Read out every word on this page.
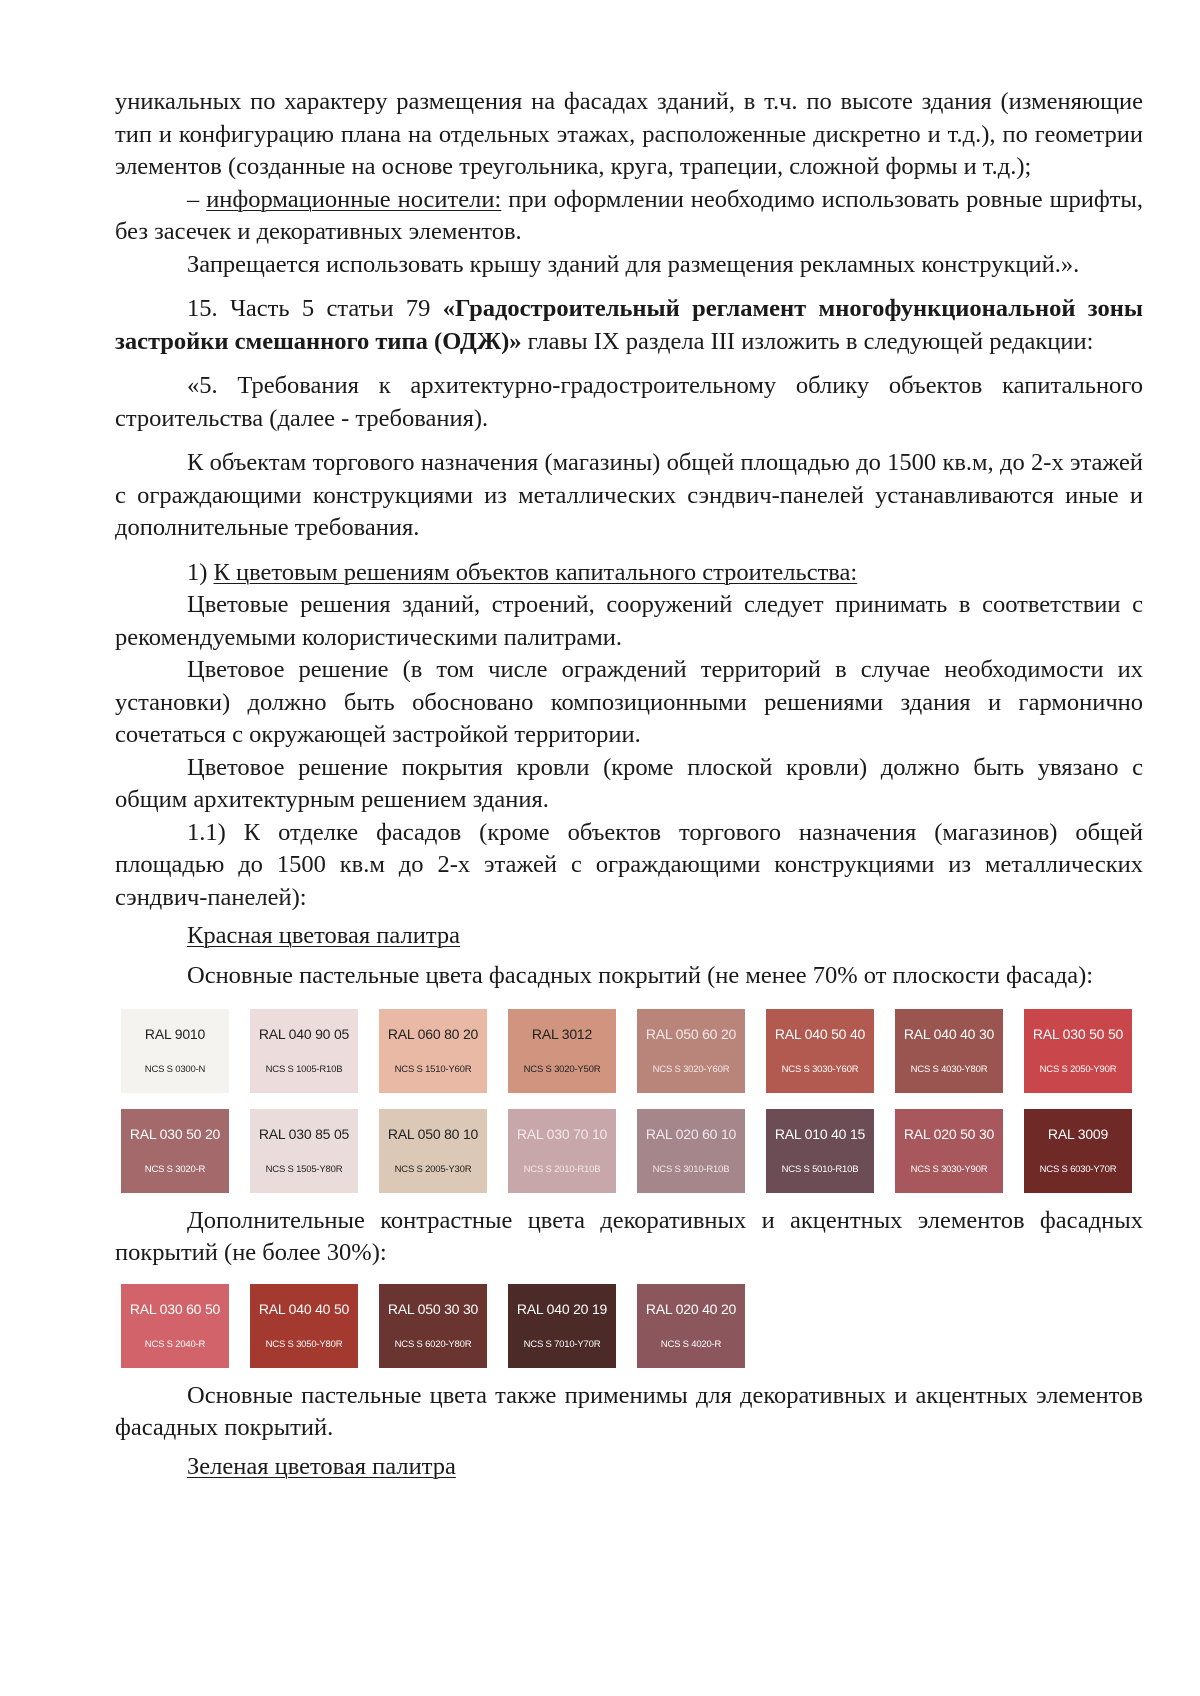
уникальных по характеру размещения на фасадах зданий, в т.ч. по высоте здания (изменяющие тип и конфигурацию плана на отдельных этажах, расположенные дискретно и т.д.), по геометрии элементов (созданные на основе треугольника, круга, трапеции, сложной формы и т.д.);

– информационные носители: при оформлении необходимо использовать ровные шрифты, без засечек и декоративных элементов.

Запрещается использовать крышу зданий для размещения рекламных конструкций.».

15. Часть 5 статьи 79 «Градостроительный регламент многофункциональной зоны застройки смешанного типа (ОДЖ)» главы IX раздела III изложить в следующей редакции:

«5. Требования к архитектурно-градостроительному облику объектов капитального строительства (далее - требования).

К объектам торгового назначения (магазины) общей площадью до 1500 кв.м, до 2-х этажей с ограждающими конструкциями из металлических сэндвич-панелей устанавливаются иные и дополнительные требования.

1) К цветовым решениям объектов капитального строительства:

Цветовые решения зданий, строений, сооружений следует принимать в соответствии с рекомендуемыми колористическими палитрами.

Цветовое решение (в том числе ограждений территорий в случае необходимости их установки) должно быть обосновано композиционными решениями здания и гармонично сочетаться с окружающей застройкой территории.

Цветовое решение покрытия кровли (кроме плоской кровли) должно быть увязано с общим архитектурным решением здания.

1.1) К отделке фасадов (кроме объектов торгового назначения (магазинов) общей площадью до 1500 кв.м до 2-х этажей с ограждающими конструкциями из металлических сэндвич-панелей):

Красная цветовая палитра

Основные пастельные цвета фасадных покрытий (не менее 70% от плоскости фасада):

RAL 9010
NCS S 0300-N
RAL 040 90 05
NCS S 1005-R10B
RAL 060 80 20
NCS S 1510-Y60R
RAL 3012
NCS S 3020-Y50R
RAL 050 60 20
NCS S 3020-Y60R
RAL 040 50 40
NCS S 3030-Y60R
RAL 040 40 30
NCS S 4030-Y80R
RAL 030 50 50
NCS S 2050-Y90R
RAL 030 50 20
NCS S 3020-R
RAL 030 85 05
NCS S 1505-Y80R
RAL 050 80 10
NCS S 2005-Y30R
RAL 030 70 10
NCS S 2010-R10B
RAL 020 60 10
NCS S 3010-R10B
RAL 010 40 15
NCS S 5010-R10B
RAL 020 50 30
NCS S 3030-Y90R
RAL 3009
NCS S 6030-Y70R

Дополнительные контрастные цвета декоративных и акцентных элементов фасадных покрытий (не более 30%):

RAL 030 60 50
NCS S 2040-R
RAL 040 40 50
NCS S 3050-Y80R
RAL 050 30 30
NCS S 6020-Y80R
RAL 040 20 19
NCS S 7010-Y70R
RAL 020 40 20
NCS S 4020-R

Основные пастельные цвета также применимы для декоративных и акцентных элементов фасадных покрытий.

Зеленая цветовая палитра
